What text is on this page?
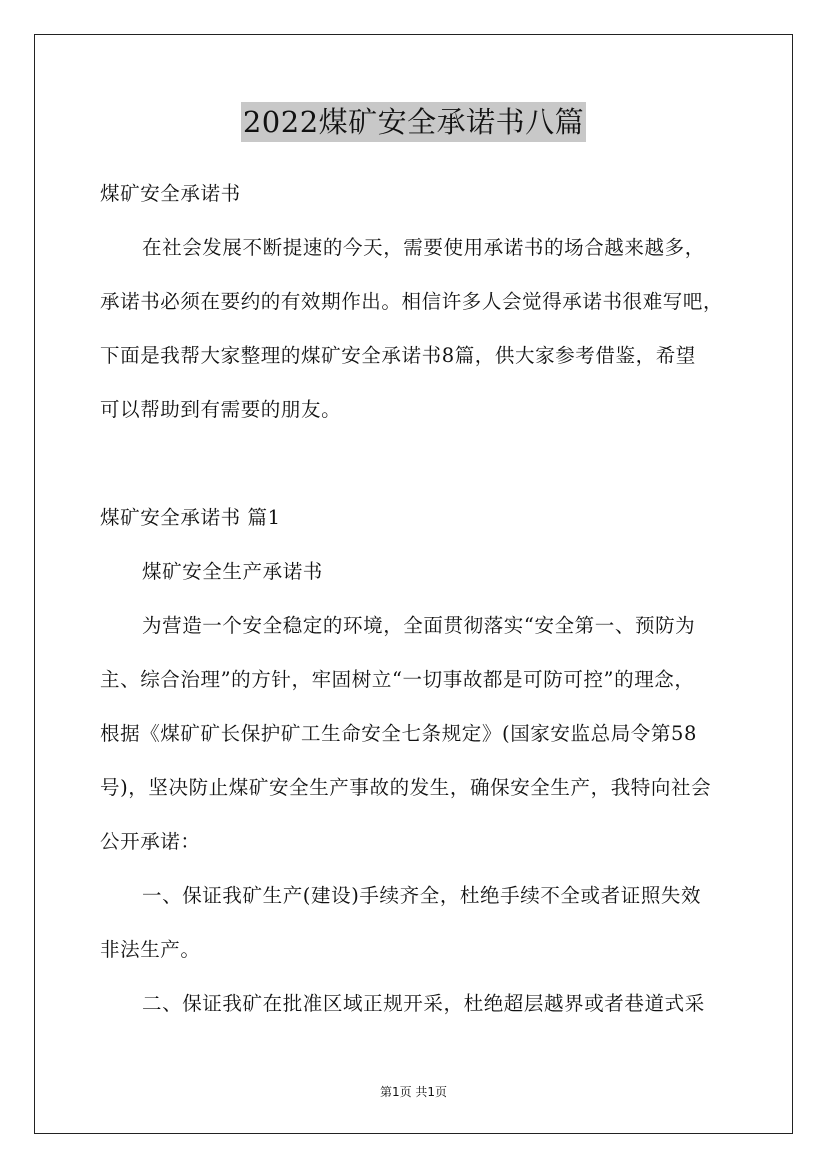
2022煤矿安全承诺书八篇
煤矿安全承诺书
在社会发展不断提速的今天，需要使用承诺书的场合越来越多，
承诺书必须在要约的有效期作出。相信许多人会觉得承诺书很难写吧，
下面是我帮大家整理的煤矿安全承诺书8篇，供大家参考借鉴，希望
可以帮助到有需要的朋友。
煤矿安全承诺书 篇1
煤矿安全生产承诺书
为营造一个安全稳定的环境，全面贯彻落实“安全第一、预防为
主、综合治理”的方针，牢固树立“一切事故都是可防可控”的理念，
根据《煤矿矿长保护矿工生命安全七条规定》(国家安监总局令第58
号)，坚决防止煤矿安全生产事故的发生，确保安全生产，我特向社会
公开承诺：
一、保证我矿生产(建设)手续齐全，杜绝手续不全或者证照失效
非法生产。
二、保证我矿在批准区域正规开采，杜绝超层越界或者巷道式采
第1页 共1页
